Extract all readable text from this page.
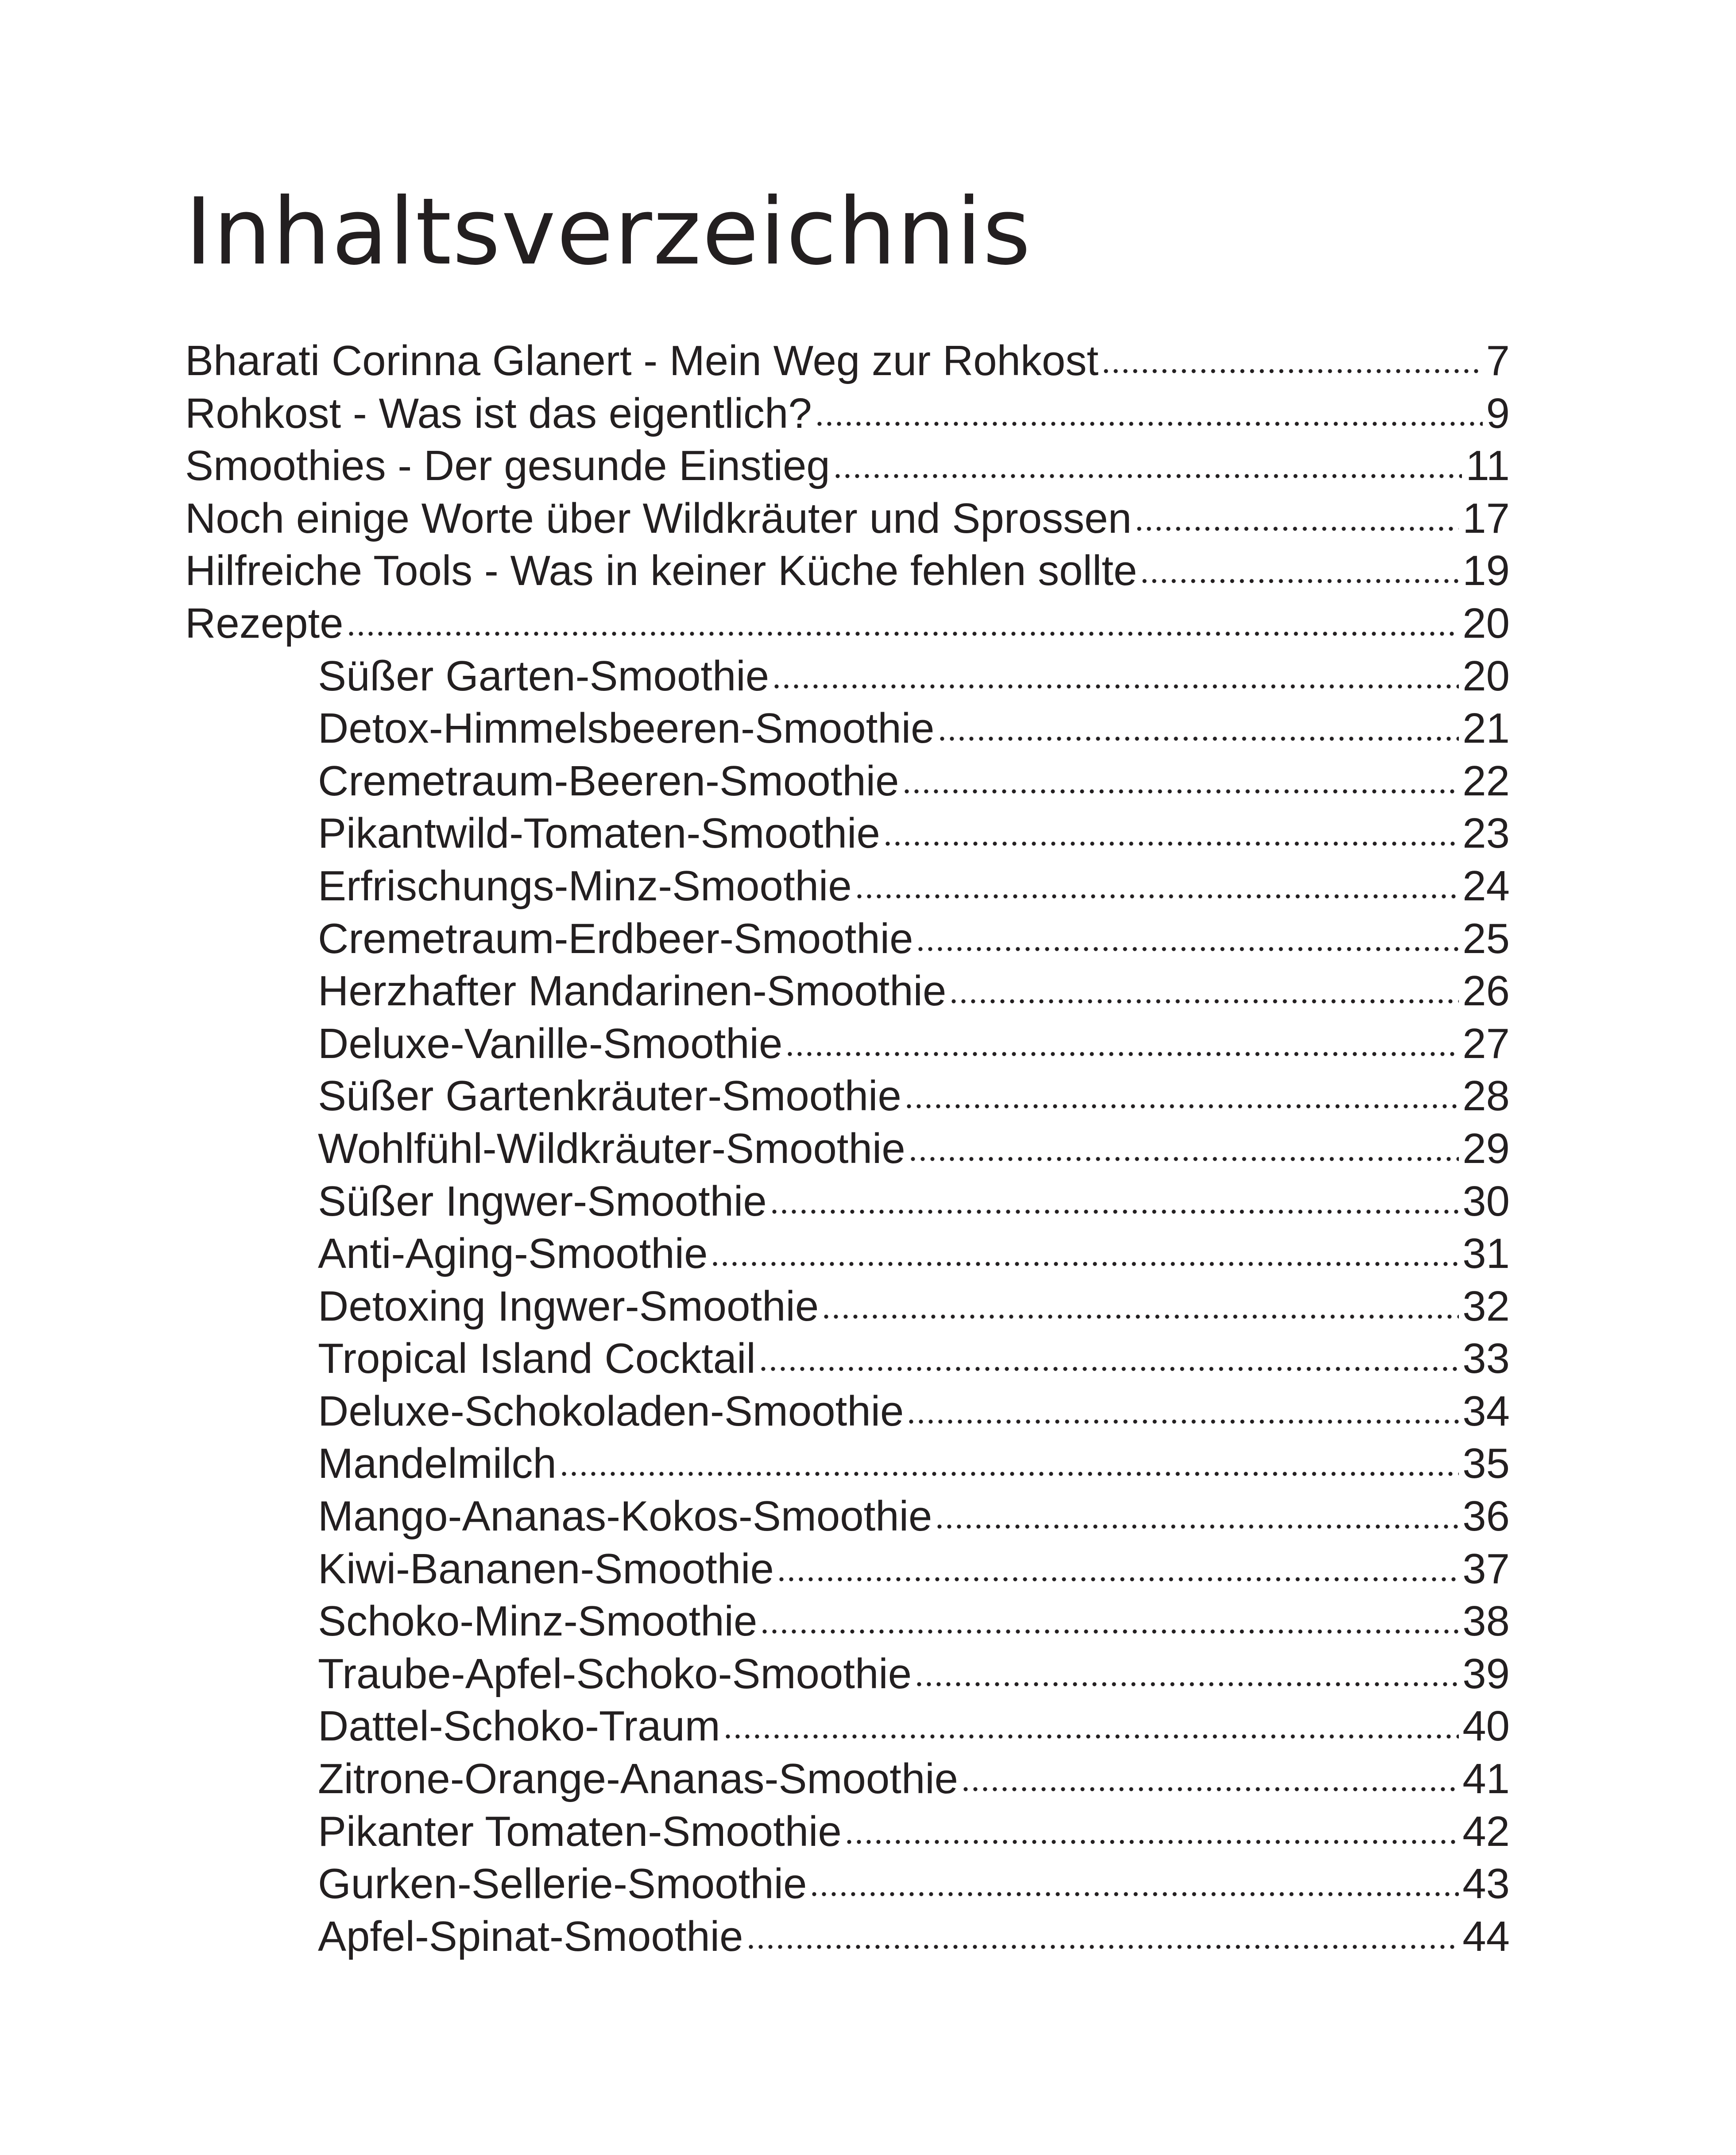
Inhaltsverzeichnis
Bharati Corinna Glanert - Mein Weg zur Rohkost	7
Rohkost - Was ist das eigentlich?	9
Smoothies - Der gesunde Einstieg	11
Noch einige Worte über Wildkräuter und Sprossen	17
Hilfreiche Tools - Was in keiner Küche fehlen sollte	19
Rezepte	20
Süßer Garten-Smoothie	20
Detox-Himmelsbeeren-Smoothie	21
Cremetraum-Beeren-Smoothie	22
Pikantwild-Tomaten-Smoothie	23
Erfrischungs-Minz-Smoothie	24
Cremetraum-Erdbeer-Smoothie	25
Herzhafter Mandarinen-Smoothie	26
Deluxe-Vanille-Smoothie	27
Süßer Gartenkräuter-Smoothie	28
Wohlfühl-Wildkräuter-Smoothie	29
Süßer Ingwer-Smoothie	30
Anti-Aging-Smoothie	31
Detoxing Ingwer-Smoothie	32
Tropical Island Cocktail	33
Deluxe-Schokoladen-Smoothie	34
Mandelmilch	35
Mango-Ananas-Kokos-Smoothie	36
Kiwi-Bananen-Smoothie	37
Schoko-Minz-Smoothie	38
Traube-Apfel-Schoko-Smoothie	39
Dattel-Schoko-Traum	40
Zitrone-Orange-Ananas-Smoothie	41
Pikanter Tomaten-Smoothie	42
Gurken-Sellerie-Smoothie	43
Apfel-Spinat-Smoothie	44
